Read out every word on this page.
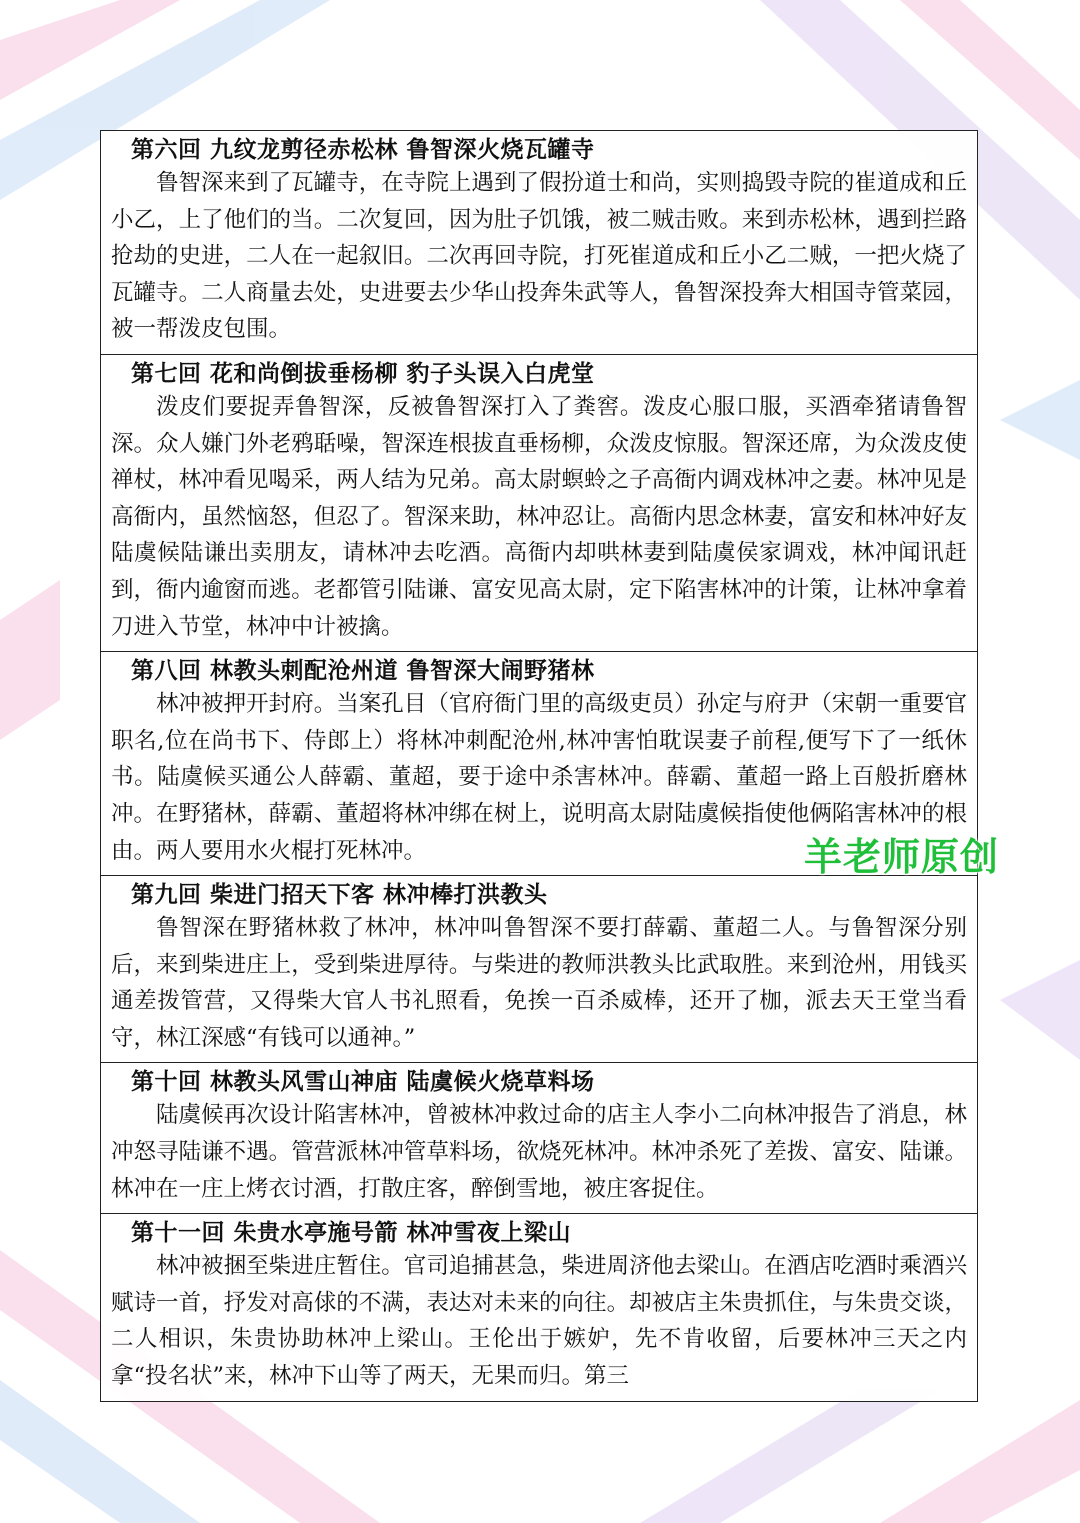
第六回 九纹龙剪径赤松林 鲁智深火烧瓦罐寺

鲁智深来到了瓦罐寺，在寺院上遇到了假扮道士和尚，实则捣毁寺院的崔道成和丘小乙，上了他们的当。二次复回，因为肚子饥饿，被二贼击败。来到赤松林，遇到拦路抢劫的史进，二人在一起叙旧。二次再回寺院，打死崔道成和丘小乙二贼，一把火烧了瓦罐寺。二人商量去处，史进要去少华山投奔朱武等人，鲁智深投奔大相国寺管菜园，被一帮泼皮包围。

第七回 花和尚倒拔垂杨柳 豹子头误入白虎堂

泼皮们要捉弄鲁智深，反被鲁智深打入了粪窖。泼皮心服口服，买酒牵猪请鲁智深。众人嫌门外老鸦聒噪，智深连根拔直垂杨柳，众泼皮惊服。智深还席，为众泼皮使禅杖，林冲看见喝采，两人结为兄弟。高太尉螟蛉之子高衙内调戏林冲之妻。林冲见是高衙内，虽然恼怒，但忍了。智深来助，林冲忍让。高衙内思念林妻，富安和林冲好友陆虞候陆谦出卖朋友，请林冲去吃酒。高衙内却哄林妻到陆虞侯家调戏，林冲闻讯赶到，衙内逾窗而逃。老都管引陆谦、富安见高太尉，定下陷害林冲的计策，让林冲拿着刀进入节堂，林冲中计被擒。

第八回 林教头刺配沧州道 鲁智深大闹野猪林

林冲被押开封府。当案孔目（官府衙门里的高级吏员）孙定与府尹（宋朝一重要官职名,位在尚书下、侍郎上）将林冲刺配沧州,林冲害怕耽误妻子前程,便写下了一纸休书。陆虞候买通公人薛霸、董超，要于途中杀害林冲。薛霸、董超一路上百般折磨林冲。在野猪林，薛霸、董超将林冲绑在树上，说明高太尉陆虞候指使他俩陷害林冲的根由。两人要用水火棍打死林冲。

第九回 柴进门招天下客 林冲棒打洪教头

鲁智深在野猪林救了林冲，林冲叫鲁智深不要打薛霸、董超二人。与鲁智深分别后，来到柴进庄上，受到柴进厚待。与柴进的教师洪教头比武取胜。来到沧州，用钱买通差拨管营，又得柴大官人书礼照看，免挨一百杀威棒，还开了枷，派去天王堂当看守，林江深感“有钱可以通神。”

第十回 林教头风雪山神庙 陆虞候火烧草料场

陆虞候再次设计陷害林冲，曾被林冲救过命的店主人李小二向林冲报告了消息，林冲怒寻陆谦不遇。管营派林冲管草料场，欲烧死林冲。林冲杀死了差拨、富安、陆谦。林冲在一庄上烤衣讨酒，打散庄客，醉倒雪地，被庄客捉住。

第十一回 朱贵水亭施号箭 林冲雪夜上梁山

林冲被捆至柴进庄暂住。官司追捕甚急，柴进周济他去梁山。在酒店吃酒时乘酒兴赋诗一首，抒发对高俅的不满，表达对未来的向往。却被店主朱贵抓住，与朱贵交谈，二人相识，朱贵协助林冲上梁山。王伦出于嫉妒，先不肯收留，后要林冲三天之内拿“投名状”来，林冲下山等了两天，无果而归。第三

羊老师原创
